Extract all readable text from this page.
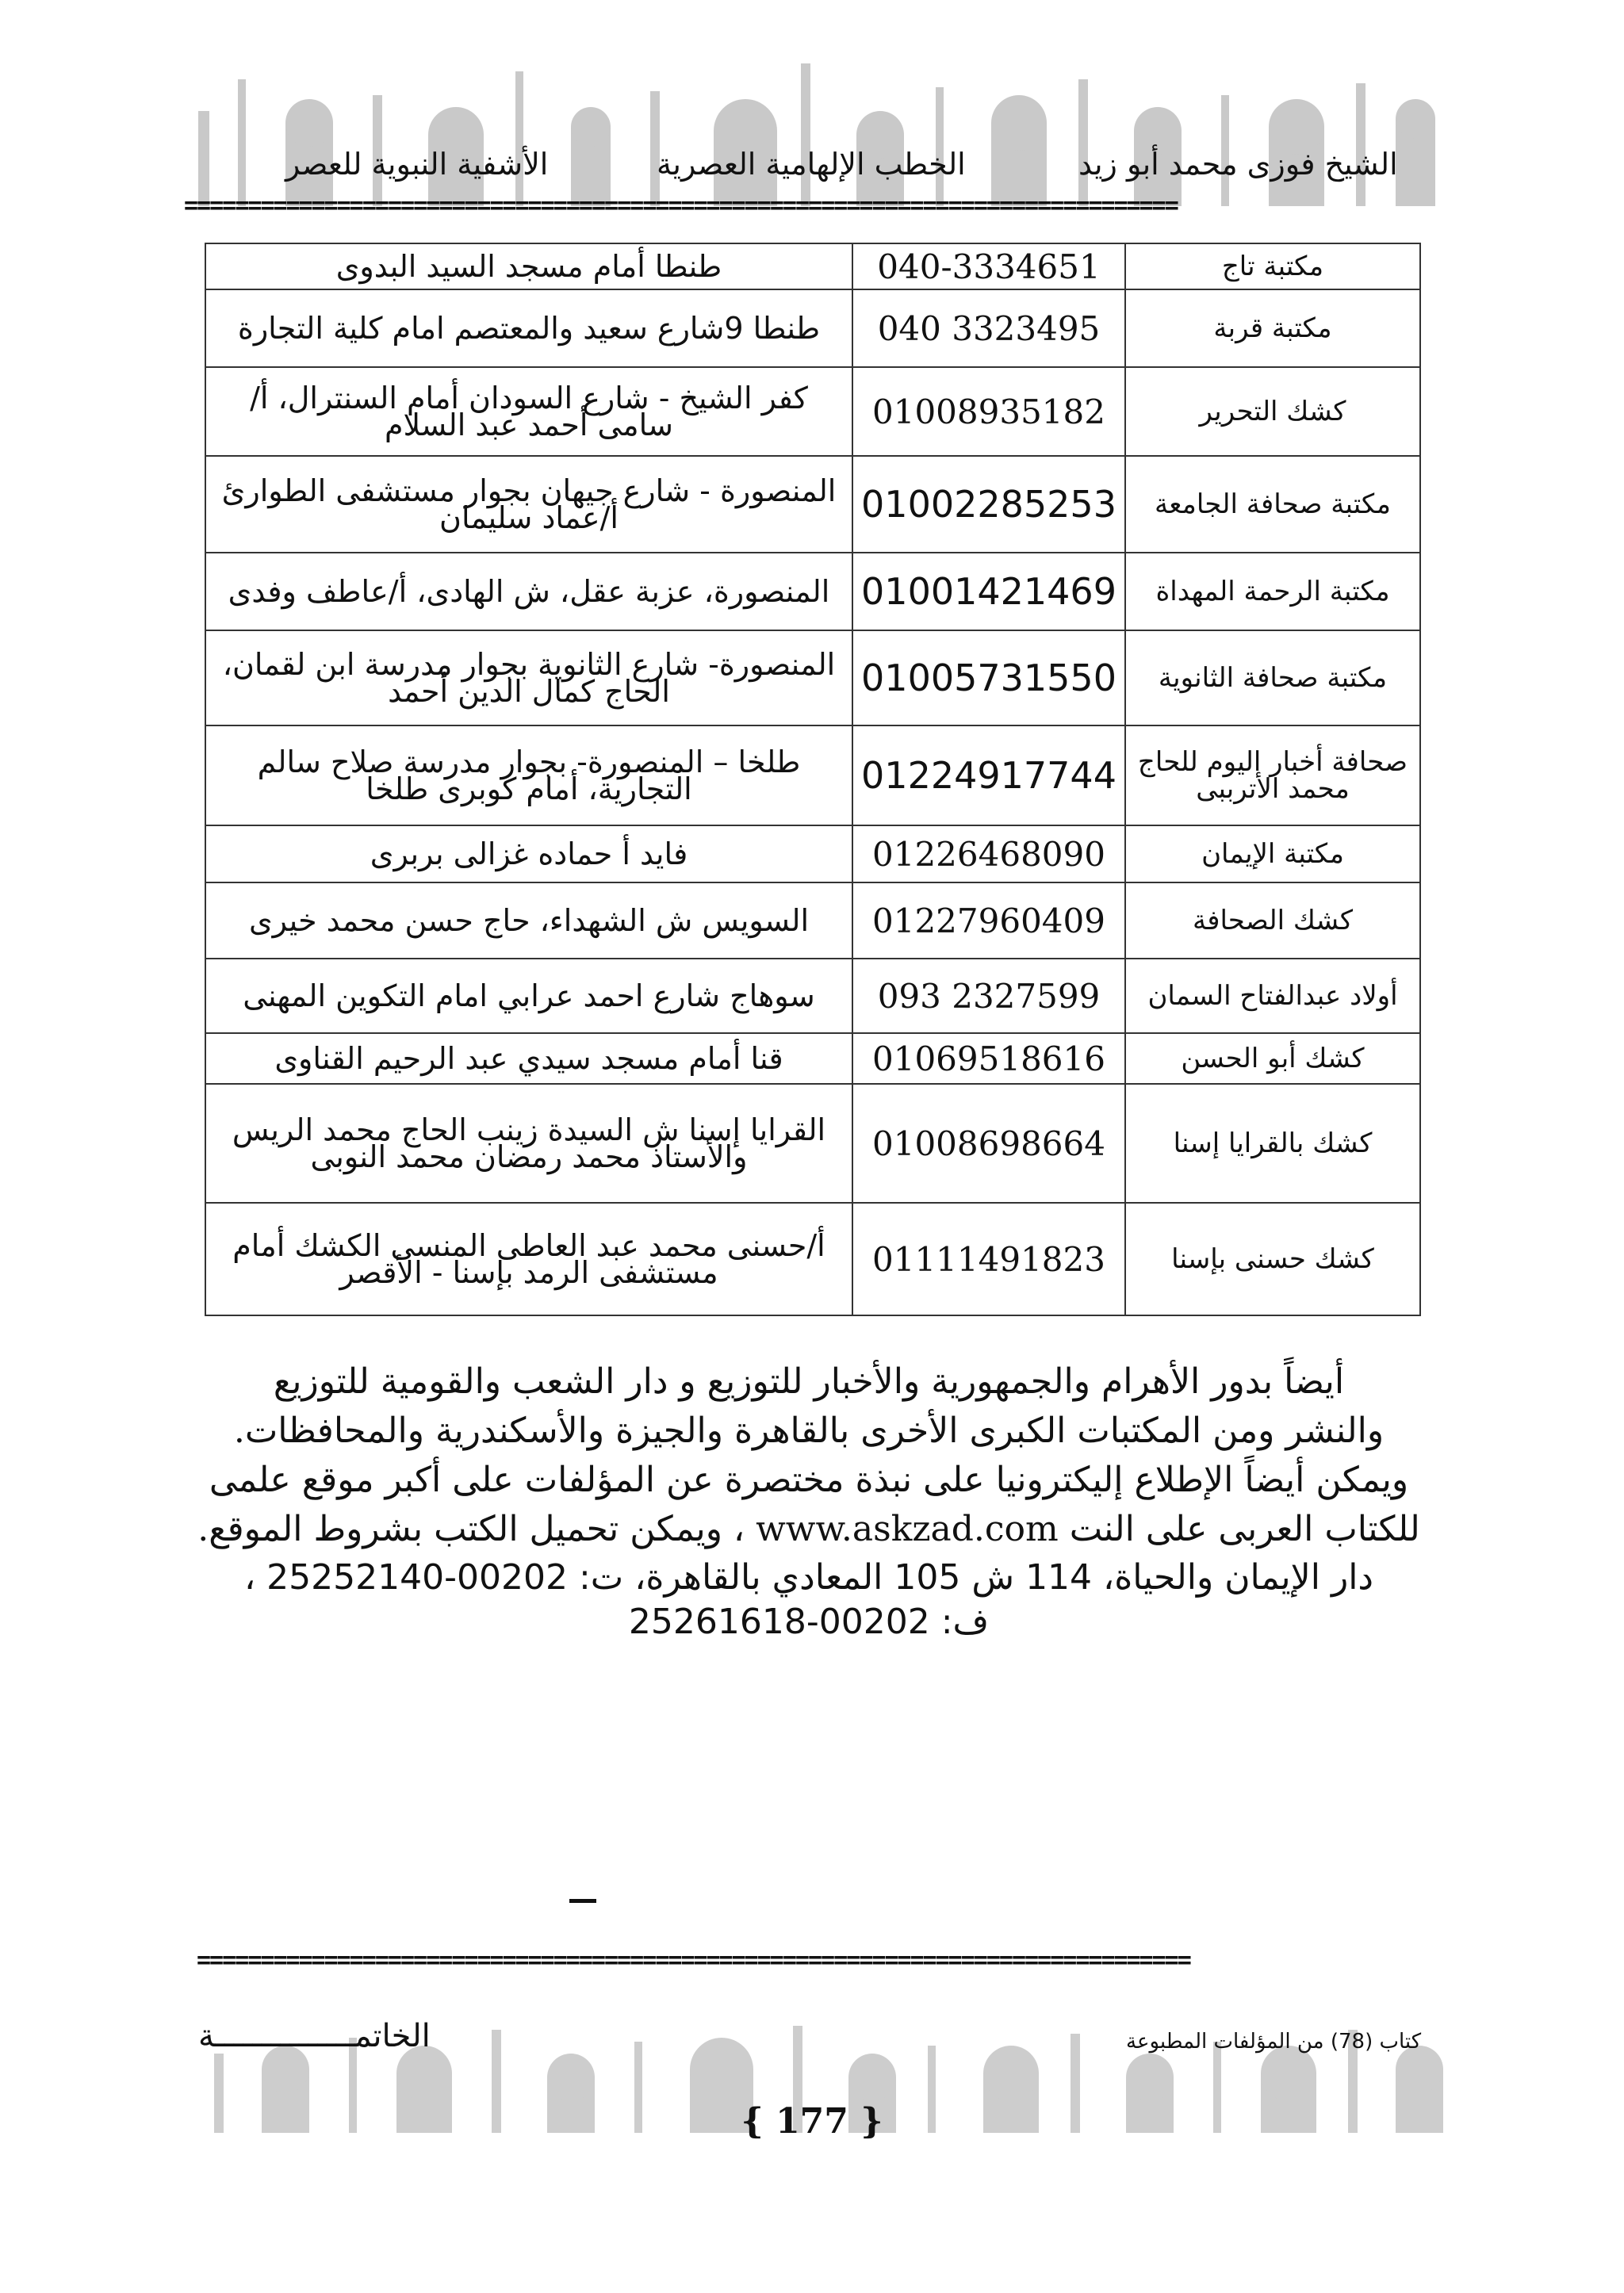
الأشفية النبوية للعصر	الخطب الإلهامية العصرية	الشيخ فوزى محمد أبو زيد
==============================================================================
طنطا أمام مسجد السيد البدوى	040-3334651	مكتبة تاج
طنطا 9شارع سعيد والمعتصم امام كلية التجارة	040 3323495	مكتبة قربة
كفر الشيخ - شارع السودان أمام السنترال، أ/سامى أحمد عبد السلام	01008935182	كشك التحرير
المنصورة - شارع جيهان بجوار مستشفى الطوارئ أ/عماد سليمان	01002285253	مكتبة صحافة الجامعة
المنصورة، عزبة عقل، ش الهادى، أ/عاطف وفدى	01001421469	مكتبة الرحمة المهداة
المنصورة- شارع الثانوية بجوار مدرسة ابن لقمان، الحاج كمال الدين أحمد	01005731550	مكتبة صحافة الثانوية
طلخا – المنصورة- بجوار مدرسة صلاح سالم التجارية، أمام كوبرى طلخا	01224917744	صحافة أخبار اليوم للحاج محمد الأترببى
فايد أ حماده غزالى بربرى	01226468090	مكتبة الإيمان
السويس ش الشهداء، حاج حسن محمد خيرى	01227960409	كشك الصحافة
سوهاج شارع احمد عرابي امام التكوين المهنى	093 2327599	أولاد عبدالفتاح السمان
قنا أمام مسجد سيدي عبد الرحيم القناوى	01069518616	كشك أبو الحسن
القرايا إسنا ش السيدة زينب الحاج محمد الريس والأستاذ محمد رمضان محمد النوبى	01008698664	كشك بالقرايا إسنا
أ/حسنى محمد عبد العاطى المنسى الكشك أمام مستشفى الرمد بإسنا - الأقصر	01111491823	كشك حسنى بإسنا
أيضاً بدور الأهرام والجمهورية والأخبار للتوزيع و دار الشعب والقومية للتوزيع
والنشر ومن المكتبات الكبرى الأخرى بالقاهرة والجيزة والأسكندرية والمحافظات.
ويمكن أيضاً الإطلاع إليكترونيا على نبذة مختصرة عن المؤلفات على أكبر موقع علمى
للكتاب العربى على النت www.askzad.com ، ويمكن تحميل الكتب بشروط الموقع.
دار الإيمان والحياة، 114 ش 105 المعادي بالقاهرة، ت: 00202-25252140 ،
ف: 00202-25261618
==============================================================================
كتاب (78) من المؤلفات المطبوعة
الخاتمـــــــــــــــة
{ 177 }
